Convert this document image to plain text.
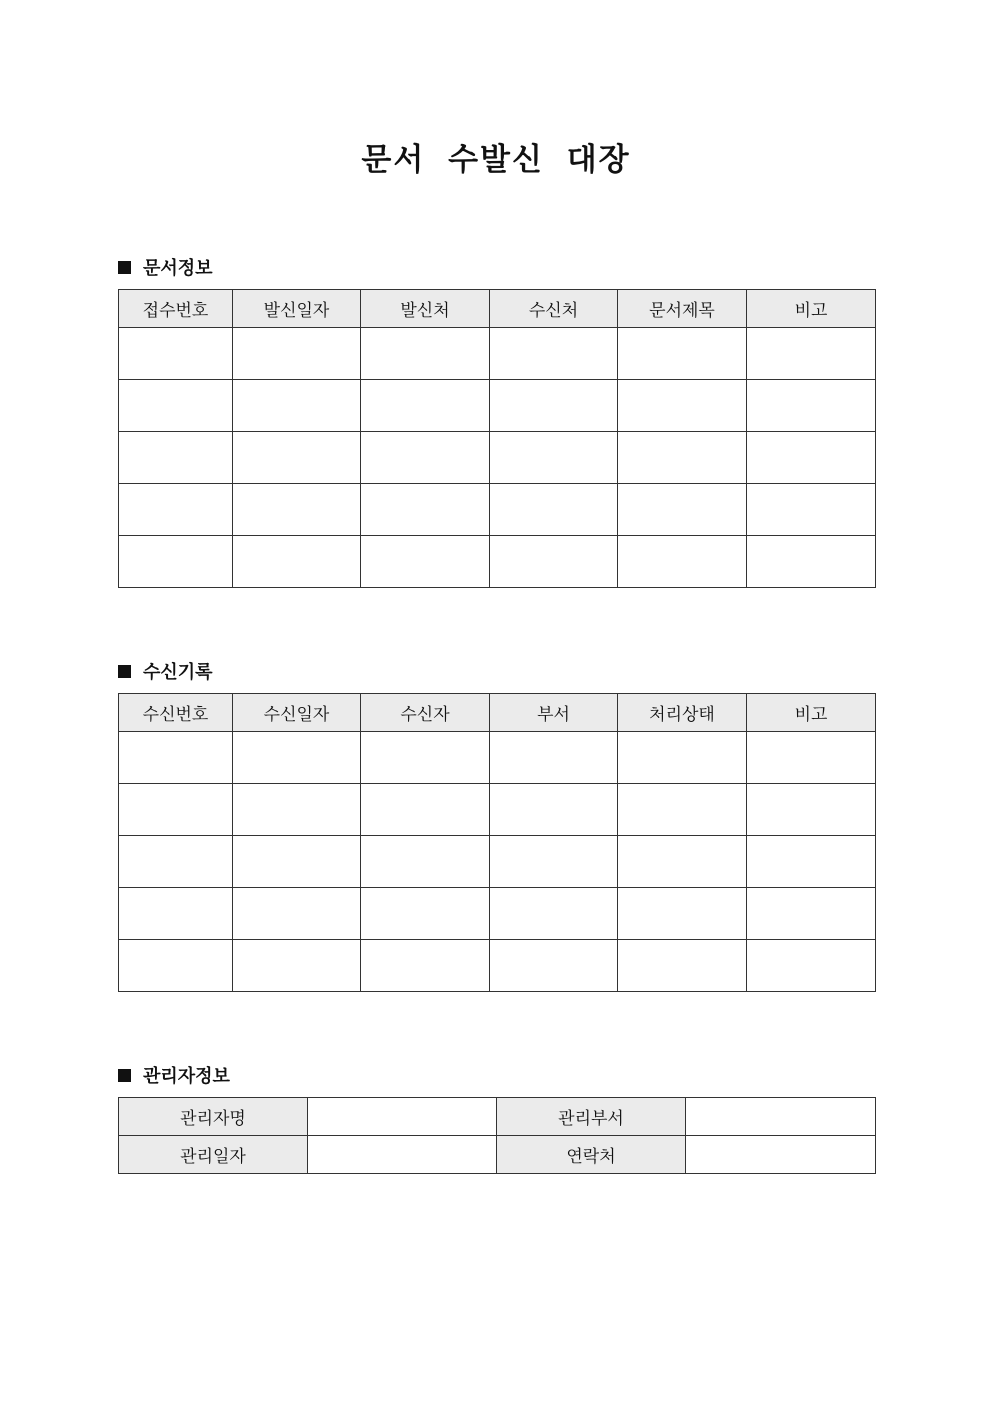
문서 수발신 대장
문서정보
접수번호	발신일자	발신처	수신처	문서제목	비고

수신기록
수신번호	수신일자	수신자	부서	처리상태	비고

관리자정보
관리자명		관리부서	
관리일자		연락처	
